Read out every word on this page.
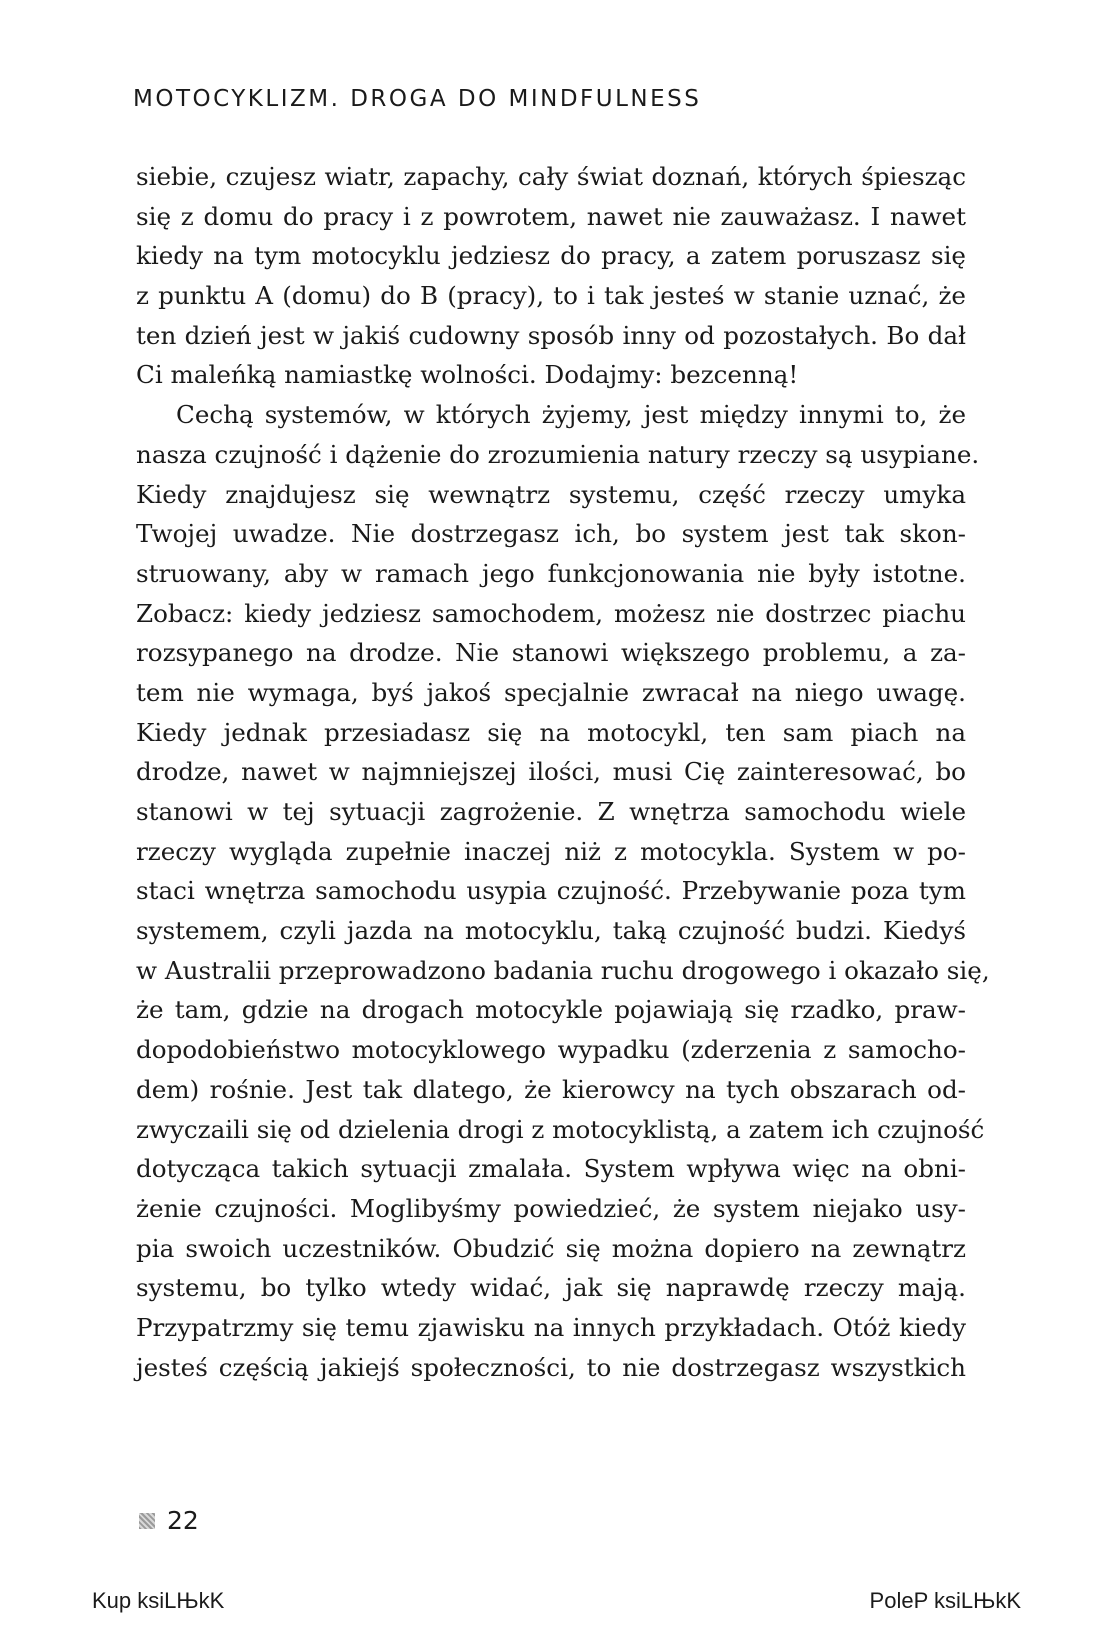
MOTOCYKLIZM. DROGA DO MINDFULNESS
siebie, czujesz wiatr, zapachy, cały świat doznań, których śpiesząc
się z domu do pracy i z powrotem, nawet nie zauważasz. I nawet
kiedy na tym motocyklu jedziesz do pracy, a zatem poruszasz się
z punktu A (domu) do B (pracy), to i tak jesteś w stanie uznać, że
ten dzień jest w jakiś cudowny sposób inny od pozostałych. Bo dał
Ci maleńką namiastkę wolności. Dodajmy: bezcenną!
Cechą systemów, w których żyjemy, jest między innymi to, że
nasza czujność i dążenie do zrozumienia natury rzeczy są usypiane.
Kiedy znajdujesz się wewnątrz systemu, część rzeczy umyka
Twojej uwadze. Nie dostrzegasz ich, bo system jest tak skon-
struowany, aby w ramach jego funkcjonowania nie były istotne.
Zobacz: kiedy jedziesz samochodem, możesz nie dostrzec piachu
rozsypanego na drodze. Nie stanowi większego problemu, a za-
tem nie wymaga, byś jakoś specjalnie zwracał na niego uwagę.
Kiedy jednak przesiadasz się na motocykl, ten sam piach na
drodze, nawet w najmniejszej ilości, musi Cię zainteresować, bo
stanowi w tej sytuacji zagrożenie. Z wnętrza samochodu wiele
rzeczy wygląda zupełnie inaczej niż z motocykla. System w po-
staci wnętrza samochodu usypia czujność. Przebywanie poza tym
systemem, czyli jazda na motocyklu, taką czujność budzi. Kiedyś
w Australii przeprowadzono badania ruchu drogowego i okazało się,
że tam, gdzie na drogach motocykle pojawiają się rzadko, praw-
dopodobieństwo motocyklowego wypadku (zderzenia z samocho-
dem) rośnie. Jest tak dlatego, że kierowcy na tych obszarach od-
zwyczaili się od dzielenia drogi z motocyklistą, a zatem ich czujność
dotycząca takich sytuacji zmalała. System wpływa więc na obni-
żenie czujności. Moglibyśmy powiedzieć, że system niejako usy-
pia swoich uczestników. Obudzić się można dopiero na zewnątrz
systemu, bo tylko wtedy widać, jak się naprawdę rzeczy mają.
Przypatrzmy się temu zjawisku na innych przykładach. Otóż kiedy
jesteś częścią jakiejś społeczności, to nie dostrzegasz wszystkich
22
Kup ksiLЊkK	PoleP ksiLЊkK
